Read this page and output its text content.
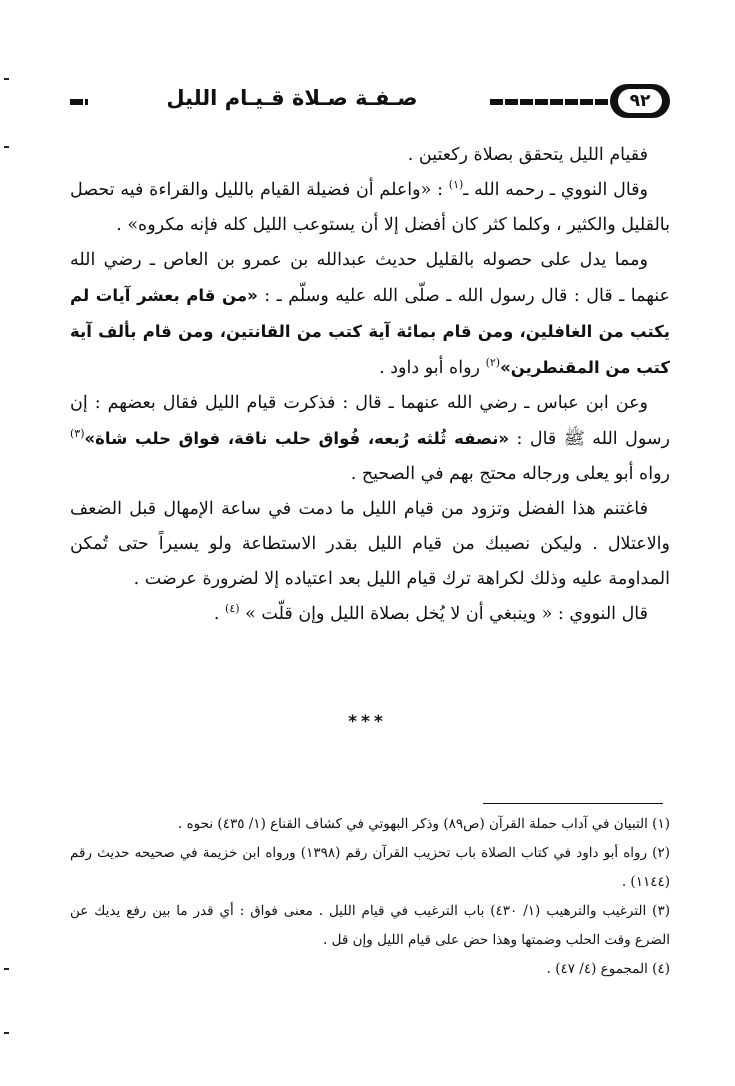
صـفـة صـلاة قـيـام الليل	٩٢

فقيام الليل يتحقق بصلاة ركعتين .

وقال النووي ـ رحمه الله ـ$^{(١)}$ : «واعلم أن فضيلة القيام بالليل والقراءة فيه تحصل بالقليل والكثير ، وكلما كثر كان أفضل إلا أن يستوعب الليل كله فإنه مكروه» .

ومما يدل على حصوله بالقليل حديث عبدالله بن عمرو بن العاص ـ رضي الله عنهما ـ قال : قال رسول الله ـ صلّى الله عليه وسلّم ـ : «من قام بعشر آيات لم يكتب من الغافلين، ومن قام بمائة آية كتب من القانتين، ومن قام بألف آية كتب من المقنطرين»$^{(٢)}$ رواه أبو داود .

وعن ابن عباس ـ رضي الله عنهما ـ قال : فذكرت قيام الليل فقال بعضهم : إن رسول الله ﷺ قال : «نصفه ثُلثه رُبعه، فُواق حلب ناقة، فواق حلب شاة»$^{(٣)}$ رواه أبو يعلى ورجاله محتج بهم في الصحيح .

فاغتنم هذا الفضل وتزود من قيام الليل ما دمت في ساعة الإمهال قبل الضعف والاعتلال . وليكن نصيبك من قيام الليل بقدر الاستطاعة ولو يسيراً حتى تُمكن المداومة عليه وذلك لكراهة ترك قيام الليل بعد اعتياده إلا لضرورة عرضت .

قال النووي : « وينبغي أن لا يُخل بصلاة الليل وإن قلّت » $^{(٤)}$ .

***

(١) التبيان في آداب حملة القرآن (ص٨٩) وذكر البهوتي في كشاف القناع (١/ ٤٣٥) نحوه .

(٢) رواه أبو داود في كتاب الصلاة باب تحزيب القرآن رقم (١٣٩٨) ورواه ابن خزيمة في صحيحه حديث رقم (١١٤٤) .

(٣) الترغيب والترهيب (١/ ٤٣٠) باب الترغيب في قيام الليل . معنى فواق : أي قدر ما بين رفع يديك عن الضرع وقت الحلب وضمتها وهذا حض على قيام الليل وإن قل .

(٤) المجموع (٤/ ٤٧) .
